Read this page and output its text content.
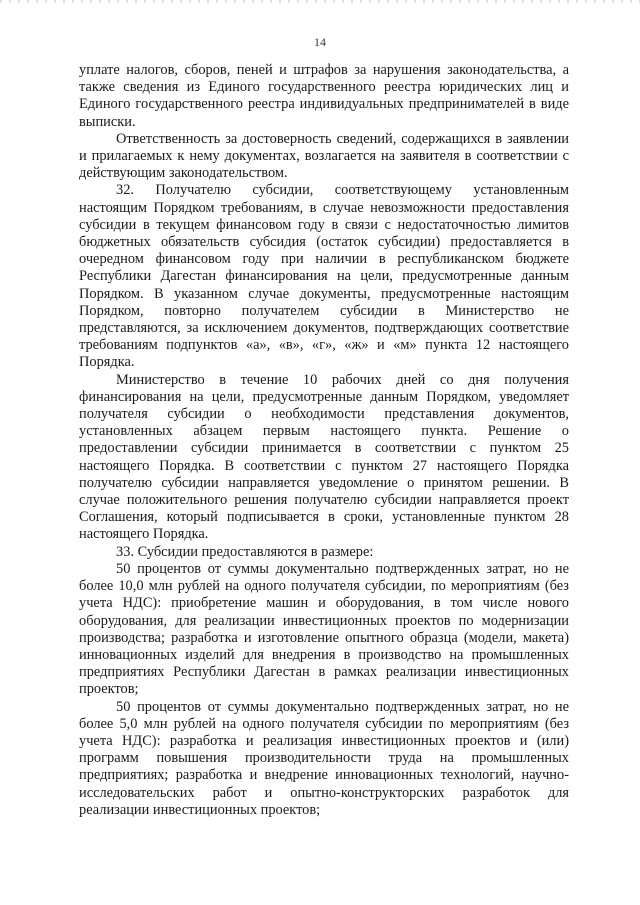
14

уплате налогов, сборов, пеней и штрафов за нарушения законодательства, а также сведения из Единого государственного реестра юридических лиц и Единого государственного реестра индивидуальных предпринимателей в виде выписки.

Ответственность за достоверность сведений, содержащихся в заявлении и прилагаемых к нему документах, возлагается на заявителя в соответствии с действующим законодательством.

32. Получателю субсидии, соответствующему установленным настоящим Порядком требованиям, в случае невозможности предоставления субсидии в текущем финансовом году в связи с недостаточностью лимитов бюджетных обязательств субсидия (остаток субсидии) предоставляется в очередном финансовом году при наличии в республиканском бюджете Республики Дагестан финансирования на цели, предусмотренные данным Порядком. В указанном случае документы, предусмотренные настоящим Порядком, повторно получателем субсидии в Министерство не представляются, за исключением документов, подтверждающих соответствие требованиям подпунктов «а», «в», «г», «ж» и «м» пункта 12 настоящего Порядка.

Министерство в течение 10 рабочих дней со дня получения финансирования на цели, предусмотренные данным Порядком, уведомляет получателя субсидии о необходимости представления документов, установленных абзацем первым настоящего пункта. Решение о предоставлении субсидии принимается в соответствии с пунктом 25 настоящего Порядка. В соответствии с пунктом 27 настоящего Порядка получателю субсидии направляется уведомление о принятом решении. В случае положительного решения получателю субсидии направляется проект Соглашения, который подписывается в сроки, установленные пунктом 28 настоящего Порядка.

33. Субсидии предоставляются в размере:

50 процентов от суммы документально подтвержденных затрат, но не более 10,0 млн рублей на одного получателя субсидии, по мероприятиям (без учета НДС): приобретение машин и оборудования, в том числе нового оборудования, для реализации инвестиционных проектов по модернизации производства; разработка и изготовление опытного образца (модели, макета) инновационных изделий для внедрения в производство на промышленных предприятиях Республики Дагестан в рамках реализации инвестиционных проектов;

50 процентов от суммы документально подтвержденных затрат, но не более 5,0 млн рублей на одного получателя субсидии по мероприятиям (без учета НДС): разработка и реализация инвестиционных проектов и (или) программ повышения производительности труда на промышленных предприятиях; разработка и внедрение инновационных технологий, научно-исследовательских работ и опытно-конструкторских разработок для реализации инвестиционных проектов;
